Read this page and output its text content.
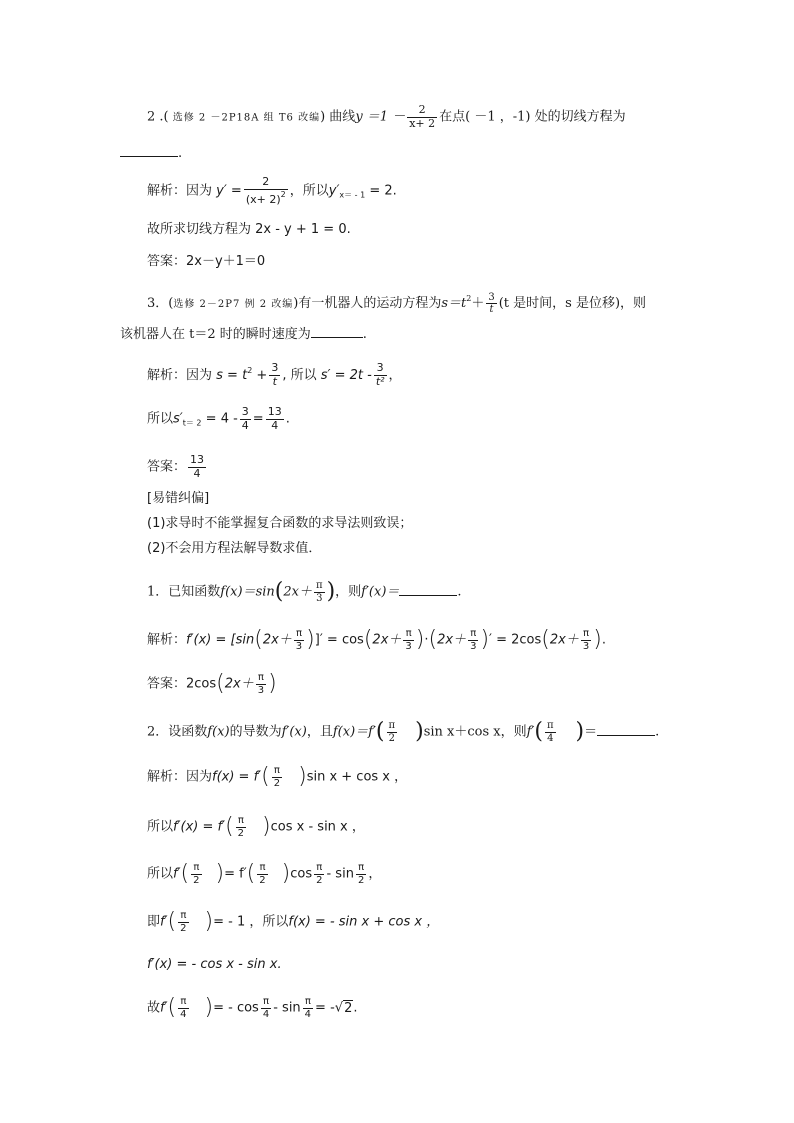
2 .( 选修 2 －2P18A 组 T6 改编) 曲线$y =1 - \frac{2}{x+ 2}$ 在点( －1 ，-1) 处的切线方程为
.
解析：因为 $y' = \frac{2}{(x+ 2)^2}$ ，所以$y'_{x= - 1} = 2$.
故所求切线方程为 2x - y + 1 = 0.
答案：2x－y＋1＝0
3．(选修 2－2P7 例 2 改编)有一机器人的运动方程为$s=t^2+ \frac{3}{t} (t$ 是时间，s 是位移)，则
该机器人在 t＝2 时的瞬时速度为	.
解析：因为 $s = t^2 + \frac{3}{t}$ , 所以 $s' = 2t - \frac{3}{\text{t²}}$ ，
所以$s'_{t= 2} = 4 - \frac{3}{4} = \frac{13}{4}$ .
答案： $\frac{13}{4}$
[易错纠偏]
(1)求导时不能掌握复合函数的求导法则致误；
(2)不会用方程法解导数求值．
1．已知函数$f(x)=\sin(2x+ \frac{\pi}{3}$ )，则f′(x)＝	.
解析：$f'(x) = [\sin(2x+ \frac{\pi}{3}$ )]′ = $\cos(2x+ \frac{\pi}{3} )\cdot(2x+ \frac{\pi}{3}$ )′ = $2\cos(2x+ \frac{\pi}{3}$ ).
答案：$2\cos(2x+ \frac{\pi}{3}$ )
2．设函数f(x)的导数为f′(x)，且$f(x)=f'( \frac{\pi}{2} )\sin$ x＋cos x，则$f'( \frac{\pi}{4}$ )＝	.
解析：因为$f(x) = f'( \frac{\pi}{2} )\sin$ x + cos x ，
所以$f'(x) = f'( \frac{\pi}{2} )\cos$ x - sin x ，
所以$f'( \frac{\pi}{2}$ )= $f'( \frac{\pi}{2} )\cos \frac{\pi}{2}$ - $\sin \frac{\pi}{2}$ ，
即$f'( \frac{\pi}{2}$ )= - 1 ，所以f(x) = - sin x + cos x ，
f′(x) = - cos x - sin x.
故$f'( \frac{\pi}{4}$ )= - $\cos \frac{\pi}{4} - \sin \frac{\pi}{4} = -√2$.
